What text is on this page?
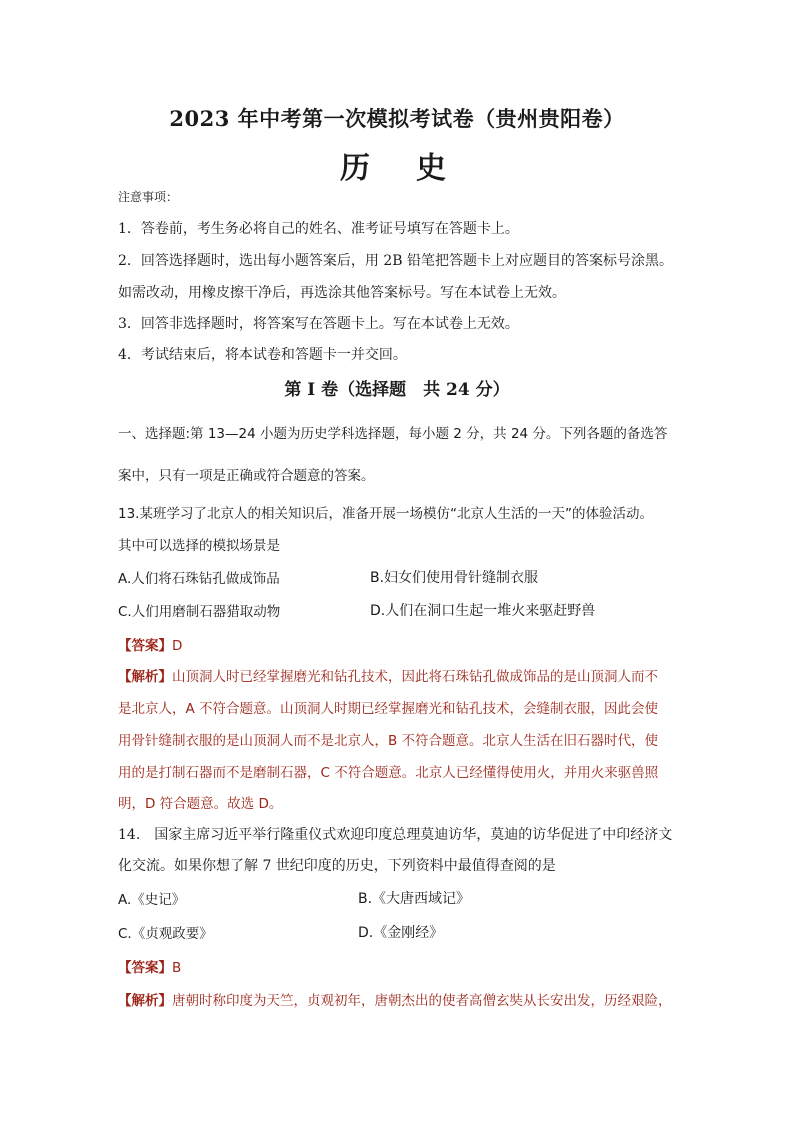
2023 年中考第一次模拟考试卷（贵州贵阳卷）
历　史
注意事项：
1．答卷前，考生务必将自己的姓名、准考证号填写在答题卡上。
2．回答选择题时，选出每小题答案后，用 2B 铅笔把答题卡上对应题目的答案标号涂黑。
如需改动，用橡皮擦干净后，再选涂其他答案标号。写在本试卷上无效。
3．回答非选择题时，将答案写在答题卡上。写在本试卷上无效。
4．考试结束后，将本试卷和答题卡一并交回。
第 I 卷（选择题　共 24 分）
一、选择题:第 13—24 小题为历史学科选择题，每小题 2 分，共 24 分。下列各题的备选答
案中，只有一项是正确或符合题意的答案。
13.某班学习了北京人的相关知识后，准备开展一场模仿“北京人生活的一天”的体验活动。
其中可以选择的模拟场景是
A.人们将石珠钻孔做成饰品	B.妇女们使用骨针缝制衣服
C.人们用磨制石器猎取动物	D.人们在洞口生起一堆火来驱赶野兽
【答案】D
【解析】山顶洞人时已经掌握磨光和钻孔技术，因此将石珠钻孔做成饰品的是山顶洞人而不
是北京人，A 不符合题意。山顶洞人时期已经掌握磨光和钻孔技术，会缝制衣服，因此会使
用骨针缝制衣服的是山顶洞人而不是北京人，B 不符合题意。北京人生活在旧石器时代，使
用的是打制石器而不是磨制石器，C 不符合题意。北京人已经懂得使用火，并用火来驱兽照
明，D 符合题意。故选 D。
14.　国家主席习近平举行隆重仪式欢迎印度总理莫迪访华，莫迪的访华促进了中印经济文
化交流。如果你想了解 7 世纪印度的历史，下列资料中最值得查阅的是
A.《史记》	B.《大唐西域记》
C.《贞观政要》	D.《金刚经》
【答案】B
【解析】唐朝时称印度为天竺，贞观初年，唐朝杰出的使者高僧玄奘从长安出发，历经艰险，
